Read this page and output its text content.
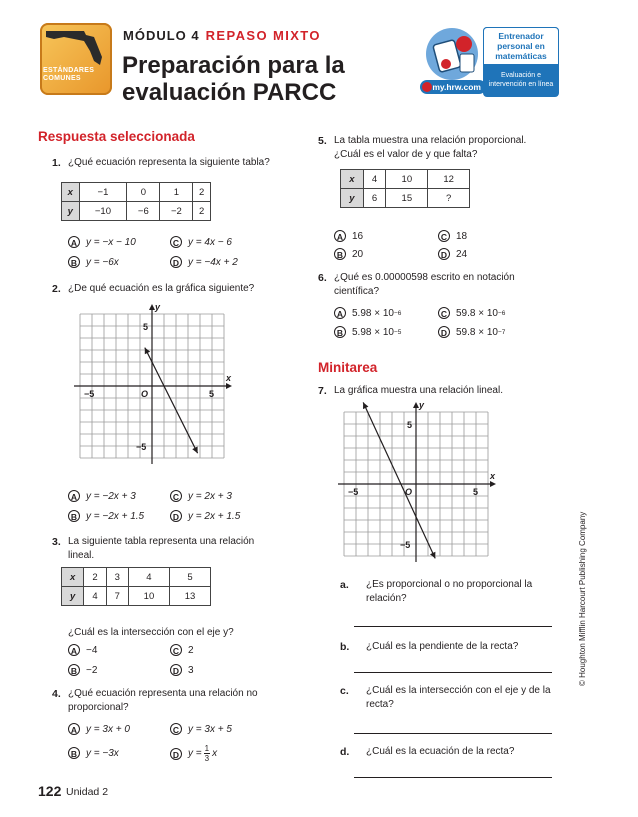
ESTÁNDARES
COMUNES
MÓDULO 4 REPASO MIXTO
Preparación para la
evaluación PARCC
Entrenador
personal en
matemáticas
Evaluación e
intervención en línea
my.hrw.com
Respuesta seleccionada
1. ¿Qué ecuación representa la siguiente tabla?
x	−1	0	1	2
y	−10	−6	−2	2
A y = −x − 10
B y = −6x
C y = 4x − 6
D y = −4x + 2
2. ¿De qué ecuación es la gráfica siguiente?
x
y
O	5
−5
5
−5
A y = −2x + 3
B y = −2x + 1.5
C y = 2x + 3
D y = 2x + 1.5
3. La siguiente tabla representa una relación
lineal.
x	2	3	4	5
y	4	7	10	13
¿Cuál es la intersección con el eje y?
A −4
B −2
C 2
D 3
4. ¿Qué ecuación representa una relación no
proporcional?
A y = 3x + 0
B y = −3x
C y = 3x + 5
D $y = \frac{1}{3}$ x
5. La tabla muestra una relación proporcional.
¿Cuál es el valor de y que falta?
x	4	10	12
y	6	15	?
A 16
B 20
C 18
D 24
6. ¿Qué es 0.00000598 escrito en notación
científica?
A 5.98 × 10 −6
B 5.98 × 10 −5
C 59.8 × 10 −6
D 59.8 × 10 −7
Minitarea
7. La gráfica muestra una relación lineal.
x
y
O	5
−5
5
−5
a. ¿Es proporcional o no proporcional la
relación?
b. ¿Cuál es la pendiente de la recta?
c. ¿Cuál es la intersección con el eje y de la
recta?
d. ¿Cuál es la ecuación de la recta?
© Houghton Mifflin Harcourt Publishing Company
122 Unidad 2
